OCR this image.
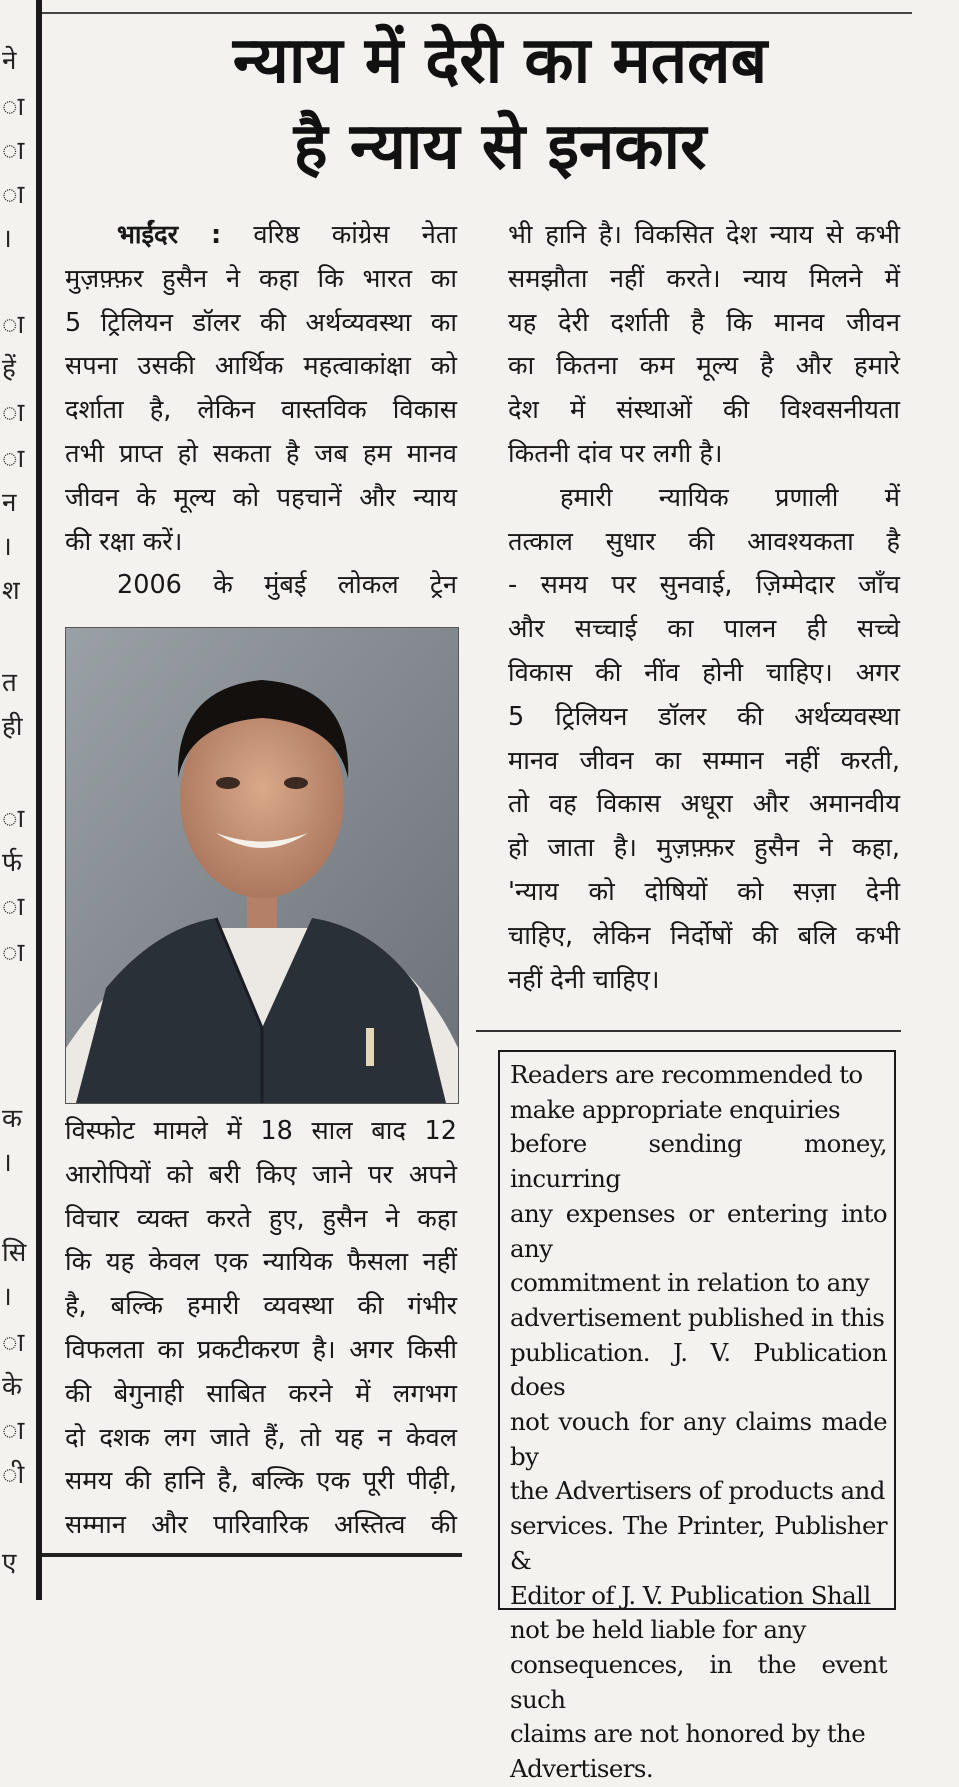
ने
ा
ा
ा
।
ा
हें
ा
ा
न
।
श
त
ही
ा
र्फ
ा
ा
क
।
सि
।
ा
के
ा
ी
ए
न्याय में देरी का मतलब
है न्याय से इनकार

भाईंदर : वरिष्ठ कांग्रेस नेता

मुज़फ़्फ़र हुसैन ने कहा कि भारत का

5 ट्रिलियन डॉलर की अर्थव्यवस्था का

सपना उसकी आर्थिक महत्वाकांक्षा को

दर्शाता है, लेकिन वास्तविक विकास

तभी प्राप्त हो सकता है जब हम मानव

जीवन के मूल्य को पहचानें और न्याय

की रक्षा करें।

2006 के मुंबई लोकल ट्रेन

विस्फोट मामले में 18 साल बाद 12

आरोपियों को बरी किए जाने पर अपने

विचार व्यक्त करते हुए, हुसैन ने कहा

कि यह केवल एक न्यायिक फैसला नहीं

है, बल्कि हमारी व्यवस्था की गंभीर

विफलता का प्रकटीकरण है। अगर किसी

की बेगुनाही साबित करने में लगभग

दो दशक लग जाते हैं, तो यह न केवल

समय की हानि है, बल्कि एक पूरी पीढ़ी,

सम्मान और पारिवारिक अस्तित्व की

भी हानि है। विकसित देश न्याय से कभी

समझौता नहीं करते। न्याय मिलने में

यह देरी दर्शाती है कि मानव जीवन

का कितना कम मूल्य है और हमारे

देश में संस्थाओं की विश्वसनीयता

कितनी दांव पर लगी है।

हमारी न्यायिक प्रणाली में

तत्काल सुधार की आवश्यकता है

- समय पर सुनवाई, ज़िम्मेदार जाँच

और सच्चाई का पालन ही सच्चे

विकास की नींव होनी चाहिए। अगर

5 ट्रिलियन डॉलर की अर्थव्यवस्था

मानव जीवन का सम्मान नहीं करती,

तो वह विकास अधूरा और अमानवीय

हो जाता है। मुज़फ़्फ़र हुसैन ने कहा,

'न्याय को दोषियों को सज़ा देनी

चाहिए, लेकिन निर्दोषों की बलि कभी

नहीं देनी चाहिए।

Readers are recommended to
make appropriate enquiries
before sending money, incurring
any expenses or entering into any
commitment in relation to any
advertisement published in this
publication. J. V. Publication does
not vouch for any claims made by
the Advertisers of products and
services. The Printer, Publisher &
Editor of J. V. Publication Shall
not be held liable for any
consequences, in the event such
claims are not honored by the
Advertisers.
